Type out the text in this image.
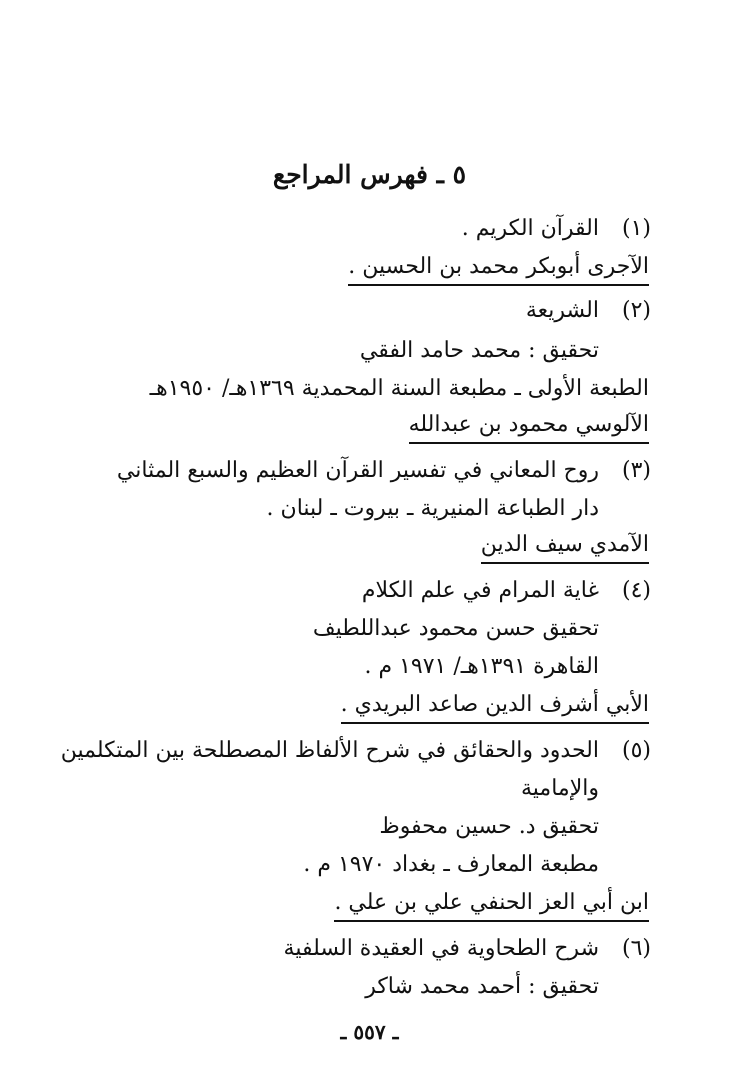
٥ ـ فهرس المراجع
(١)
القرآن الكريم .
الآجرى أبوبكر محمد بن الحسين .
(٢)
الشريعة
تحقيق : محمد حامد الفقي
الطبعة الأولى ـ مطبعة السنة المحمدية ١٣٦٩هـ/ ١٩٥٠هـ
الآلوسي محمود بن عبدالله
(٣)
روح المعاني في تفسير القرآن العظيم والسبع المثاني
دار الطباعة المنيرية ـ بيروت ـ لبنان .
الآمدي سيف الدين
(٤)
غاية المرام في علم الكلام
تحقيق حسن محمود عبداللطيف
القاهرة ١٣٩١هـ/ ١٩٧١ م .
الأبي أشرف الدين صاعد البريدي .
(٥)
الحدود والحقائق في شرح الألفاظ المصطلحة بين المتكلمين
والإمامية
تحقيق د. حسين محفوظ
مطبعة المعارف ـ بغداد ١٩٧٠ م .
ابن أبي العز الحنفي علي بن علي .
(٦)
شرح الطحاوية في العقيدة السلفية
تحقيق : أحمد محمد شاكر
ـ ٥٥٧ ـ
